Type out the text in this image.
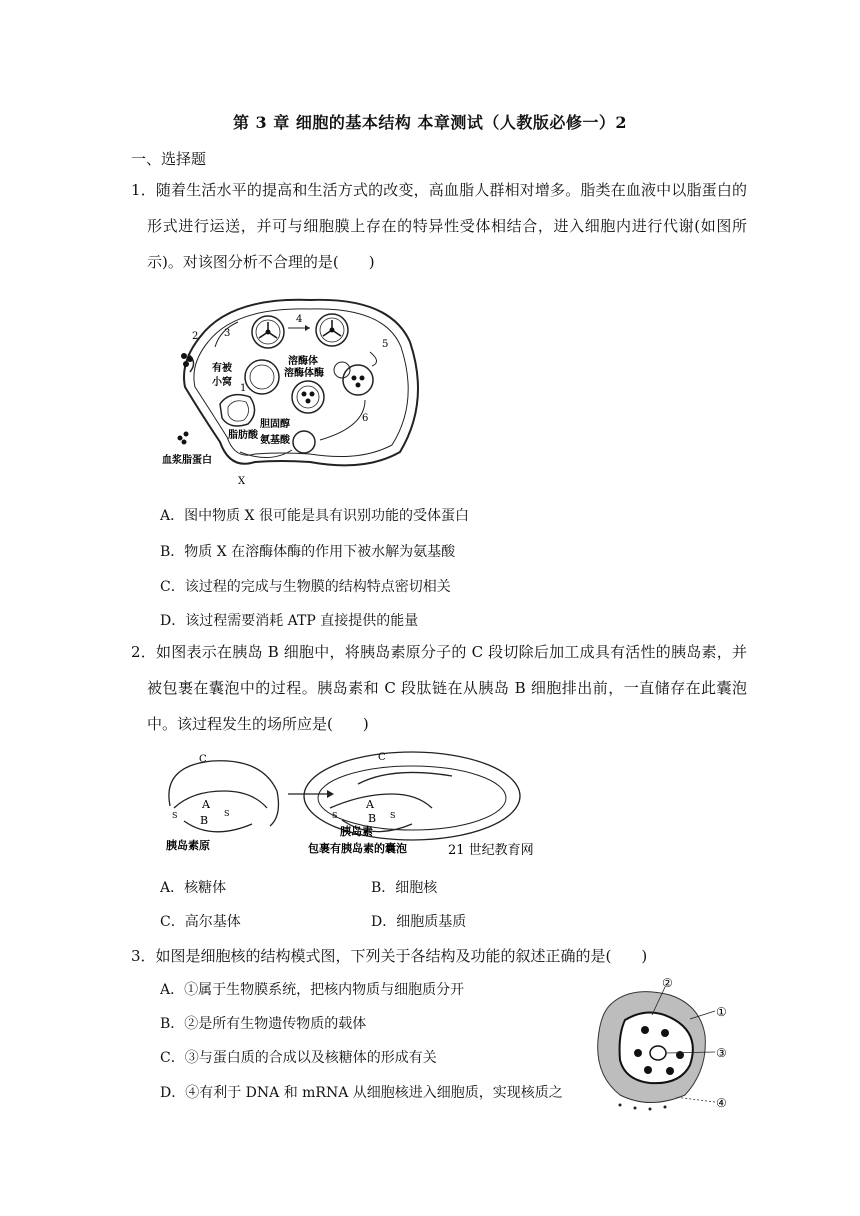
第 3 章 细胞的基本结构 本章测试（人教版必修一）2
一、选择题
1．随着生活水平的提高和生活方式的改变，高血脂人群相对增多。脂类在血液中以脂蛋白的形式进行运送，并可与细胞膜上存在的特异性受体相结合，进入细胞内进行代谢(如图所示)。对该图分析不合理的是(　　)
2	3
4
5
6
1
有被
小窝
溶酶体
溶酶体酶
胆固醇
脂肪酸 氨基酸
血浆脂蛋白
X
A．图中物质 X 很可能是具有识别功能的受体蛋白
B．物质 X 在溶酶体酶的作用下被水解为氨基酸
C．该过程的完成与生物膜的结构特点密切相关
D．该过程需要消耗 ATP 直接提供的能量
2．如图表示在胰岛 B 细胞中，将胰岛素原分子的 C 段切除后加工成具有活性的胰岛素，并被包裹在囊泡中的过程。胰岛素和 C 段肽链在从胰岛 B 细胞排出前，一直储存在此囊泡中。该过程发生的场所应是(　　)
C
A
B
S	S
胰岛素原
C
A
B
S	S
胰岛素
包裹有胰岛素的囊泡	21 世纪教育网
A．核糖体	B．细胞核
C．高尔基体	D．细胞质基质
3．如图是细胞核的结构模式图，下列关于各结构及功能的叙述正确的是(　　)
A．①属于生物膜系统，把核内物质与细胞质分开
B．②是所有生物遗传物质的载体
C．③与蛋白质的合成以及核糖体的形成有关
D．④有利于 DNA 和 mRNA 从细胞核进入细胞质，实现核质之
②
①
③
④
